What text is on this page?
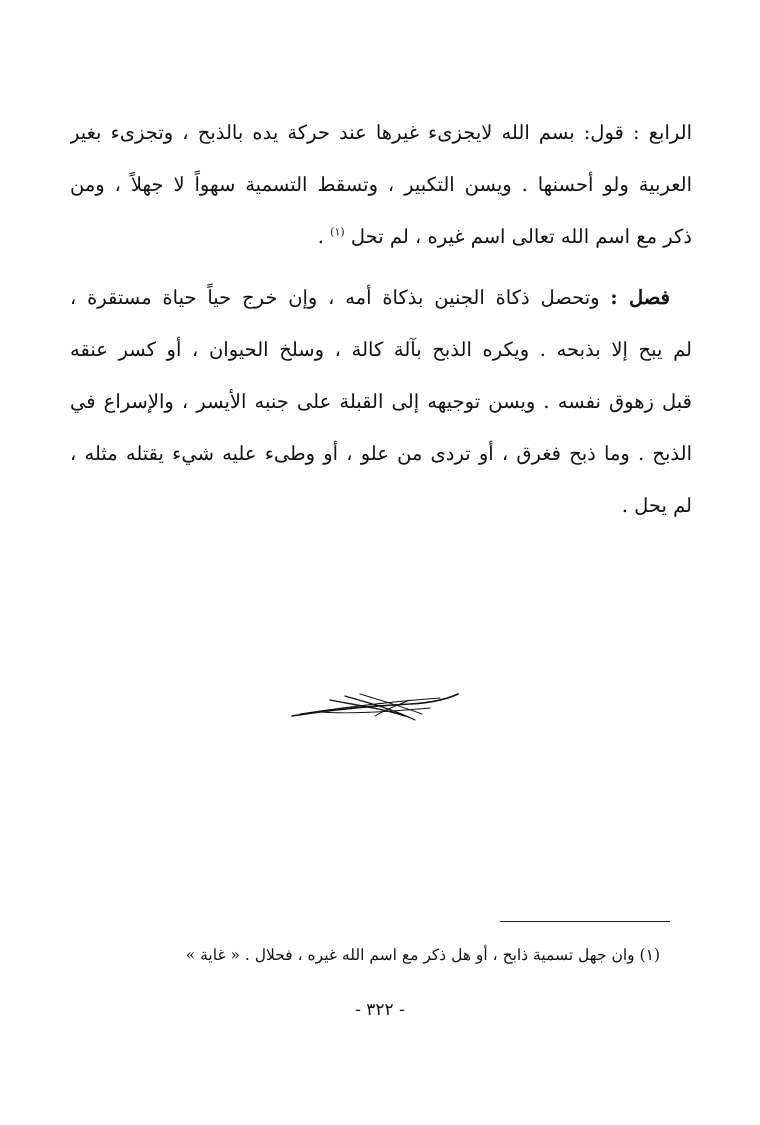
الرابع : قول: بسم الله لايجزىء غيرها عند حركة يده بالذبح ، وتجزىء بغير
العربية ولو أحسنها . ويسن التكبير ، وتسقط التسمية سهواً لا جهلاً ، ومن
ذكر مع اسم الله تعالى اسم غيره ، لم تحل $^{(١)}$ .
فصل : وتحصل ذكاة الجنين بذكاة أمه ، وإن خرج حياً حياة مستقرة ،
لم يبح إلا بذبحه . ويكره الذبح بآلة كالة ، وسلخ الحيوان ، أو كسر عنقه
قبل زهوق نفسه . ويسن توجيهه إلى القبلة على جنبه الأيسر ، والإسراع في
الذبح . وما ذبح فغرق ، أو تردى من علو ، أو وطىء عليه شيء يقتله مثله ،
لم يحل .
(١) وان جهل تسمية ذابح ، أو هل ذكر مع اسم الله غيره ، فحلال . « غاية »
- ٣٢٢ -
